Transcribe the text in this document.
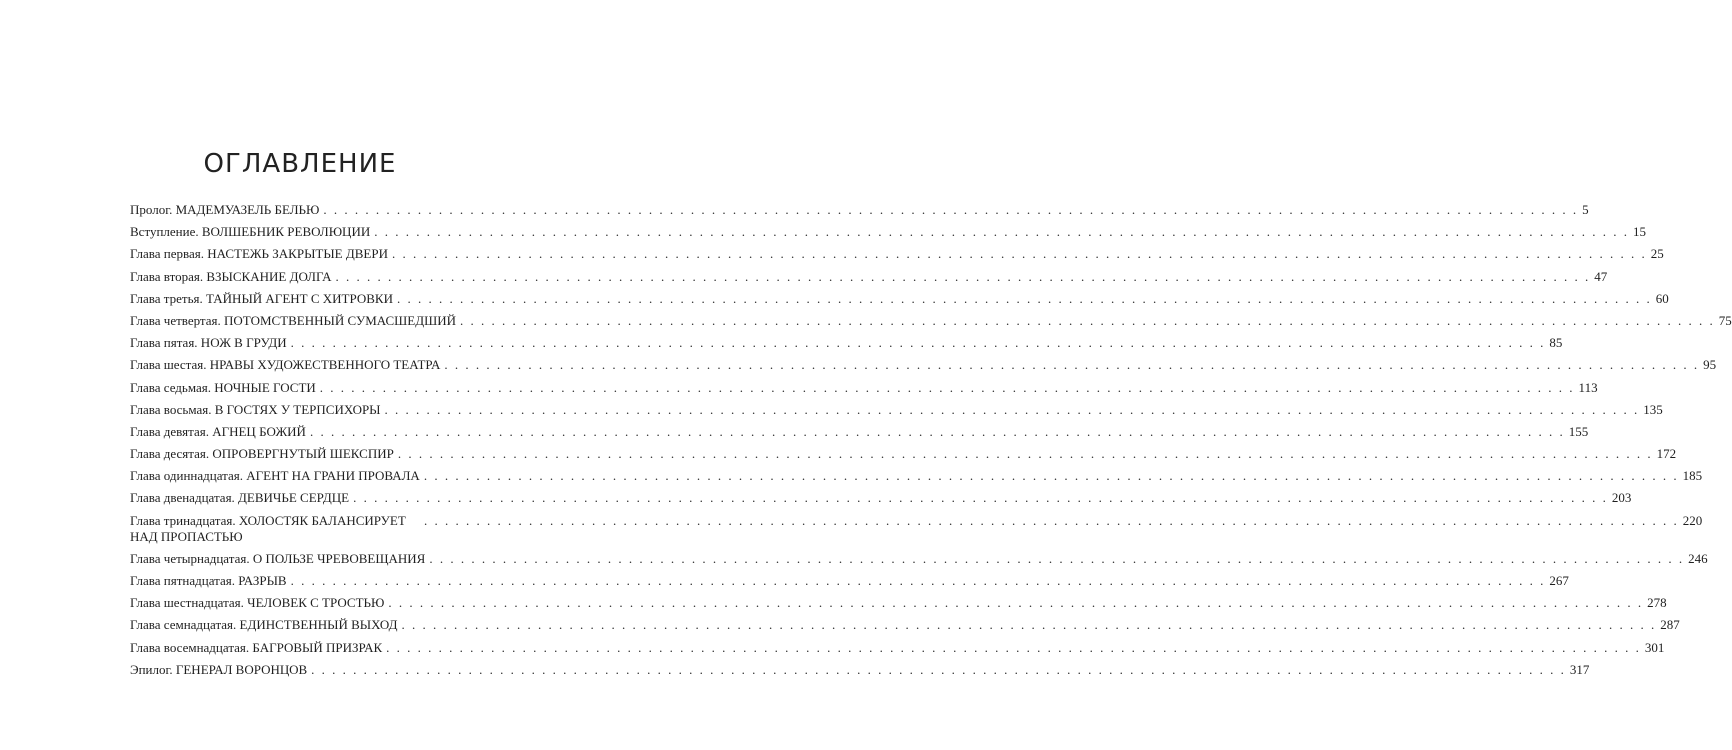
ОГЛАВЛЕНИЕ
Пролог. МАДЕМУАЗЕЛЬ БЕЛЬЮ . . . . . . . . . . . . . . . . . . . . . . . . . . . . . . . . . . . . . . . . . . . . . . . . . . . . . . . . . . . . . . . . . . . . . . . . . . . . . . . . . . . . . . . . . . . . . . . . . . . . . . . . . . . . . . . . . . . . . . . . 5
Вступление. ВОЛШЕБНИК РЕВОЛЮЦИИ . . . . . . . . . . . . . . . . . . . . . . . . . . . . . . . . . . . . . . . . . . . . . . . . . . . . . . . . . . . . . . . . . . . . . . . . . . . . . . . . . . . . . . . . . . . . . . . . . . . . . . . . . . . . . . . . . . . . . . . . 15
Глава первая. НАСТЕЖЬ ЗАКРЫТЫЕ ДВЕРИ . . . . . . . . . . . . . . . . . . . . . . . . . . . . . . . . . . . . . . . . . . . . . . . . . . . . . . . . . . . . . . . . . . . . . . . . . . . . . . . . . . . . . . . . . . . . . . . . . . . . . . . . . . . . . . . . . . . . . . . . 25
Глава вторая. ВЗЫСКАНИЕ ДОЛГА . . . . . . . . . . . . . . . . . . . . . . . . . . . . . . . . . . . . . . . . . . . . . . . . . . . . . . . . . . . . . . . . . . . . . . . . . . . . . . . . . . . . . . . . . . . . . . . . . . . . . . . . . . . . . . . . . . . . . . . . 47
Глава третья. ТАЙНЫЙ АГЕНТ С ХИТРОВКИ . . . . . . . . . . . . . . . . . . . . . . . . . . . . . . . . . . . . . . . . . . . . . . . . . . . . . . . . . . . . . . . . . . . . . . . . . . . . . . . . . . . . . . . . . . . . . . . . . . . . . . . . . . . . . . . . . . . . . . . . 60
Глава четвертая. ПОТОМСТВЕННЫЙ СУМАСШЕДШИЙ . . . . . . . . . . . . . . . . . . . . . . . . . . . . . . . . . . . . . . . . . . . . . . . . . . . . . . . . . . . . . . . . . . . . . . . . . . . . . . . . . . . . . . . . . . . . . . . . . . . . . . . . . . . . . . . . . . . . . . . . 75
Глава пятая. НОЖ В ГРУДИ . . . . . . . . . . . . . . . . . . . . . . . . . . . . . . . . . . . . . . . . . . . . . . . . . . . . . . . . . . . . . . . . . . . . . . . . . . . . . . . . . . . . . . . . . . . . . . . . . . . . . . . . . . . . . . . . . . . . . . . . 85
Глава шестая. НРАВЫ ХУДОЖЕСТВЕННОГО ТЕАТРА . . . . . . . . . . . . . . . . . . . . . . . . . . . . . . . . . . . . . . . . . . . . . . . . . . . . . . . . . . . . . . . . . . . . . . . . . . . . . . . . . . . . . . . . . . . . . . . . . . . . . . . . . . . . . . . . . . . . . . . . 95
Глава седьмая. НОЧНЫЕ ГОСТИ . . . . . . . . . . . . . . . . . . . . . . . . . . . . . . . . . . . . . . . . . . . . . . . . . . . . . . . . . . . . . . . . . . . . . . . . . . . . . . . . . . . . . . . . . . . . . . . . . . . . . . . . . . . . . . . . . . . . . . . . 113
Глава восьмая. В ГОСТЯХ У ТЕРПСИХОРЫ . . . . . . . . . . . . . . . . . . . . . . . . . . . . . . . . . . . . . . . . . . . . . . . . . . . . . . . . . . . . . . . . . . . . . . . . . . . . . . . . . . . . . . . . . . . . . . . . . . . . . . . . . . . . . . . . . . . . . . . . 135
Глава девятая. АГНЕЦ БОЖИЙ . . . . . . . . . . . . . . . . . . . . . . . . . . . . . . . . . . . . . . . . . . . . . . . . . . . . . . . . . . . . . . . . . . . . . . . . . . . . . . . . . . . . . . . . . . . . . . . . . . . . . . . . . . . . . . . . . . . . . . . . 155
Глава десятая. ОПРОВЕРГНУТЫЙ ШЕКСПИР . . . . . . . . . . . . . . . . . . . . . . . . . . . . . . . . . . . . . . . . . . . . . . . . . . . . . . . . . . . . . . . . . . . . . . . . . . . . . . . . . . . . . . . . . . . . . . . . . . . . . . . . . . . . . . . . . . . . . . . . 172
Глава одиннадцатая. АГЕНТ НА ГРАНИ ПРОВАЛА . . . . . . . . . . . . . . . . . . . . . . . . . . . . . . . . . . . . . . . . . . . . . . . . . . . . . . . . . . . . . . . . . . . . . . . . . . . . . . . . . . . . . . . . . . . . . . . . . . . . . . . . . . . . . . . . . . . . . . . . 185
Глава двенадцатая. ДЕВИЧЬЕ СЕРДЦЕ . . . . . . . . . . . . . . . . . . . . . . . . . . . . . . . . . . . . . . . . . . . . . . . . . . . . . . . . . . . . . . . . . . . . . . . . . . . . . . . . . . . . . . . . . . . . . . . . . . . . . . . . . . . . . . . . . . . . . . . . 203
Глава тринадцатая. ХОЛОСТЯК БАЛАНСИРУЕТ
НАД ПРОПАСТЬЮ
. . . . . . . . . . . . . . . . . . . . . . . . . . . . . . . . . . . . . . . . . . . . . . . . . . . . . . . . . . . . . . . . . . . . . . . . . . . . . . . . . . . . . . . . . . . . . . . . . . . . . . . . . . . . . . . . . . . . . . . . 220
Глава четырнадцатая. О ПОЛЬЗЕ ЧРЕВОВЕЩАНИЯ . . . . . . . . . . . . . . . . . . . . . . . . . . . . . . . . . . . . . . . . . . . . . . . . . . . . . . . . . . . . . . . . . . . . . . . . . . . . . . . . . . . . . . . . . . . . . . . . . . . . . . . . . . . . . . . . . . . . . . . . 246
Глава пятнадцатая. РАЗРЫВ . . . . . . . . . . . . . . . . . . . . . . . . . . . . . . . . . . . . . . . . . . . . . . . . . . . . . . . . . . . . . . . . . . . . . . . . . . . . . . . . . . . . . . . . . . . . . . . . . . . . . . . . . . . . . . . . . . . . . . . . 267
Глава шестнадцатая. ЧЕЛОВЕК С ТРОСТЬЮ . . . . . . . . . . . . . . . . . . . . . . . . . . . . . . . . . . . . . . . . . . . . . . . . . . . . . . . . . . . . . . . . . . . . . . . . . . . . . . . . . . . . . . . . . . . . . . . . . . . . . . . . . . . . . . . . . . . . . . . . 278
Глава семнадцатая. ЕДИНСТВЕННЫЙ ВЫХОД . . . . . . . . . . . . . . . . . . . . . . . . . . . . . . . . . . . . . . . . . . . . . . . . . . . . . . . . . . . . . . . . . . . . . . . . . . . . . . . . . . . . . . . . . . . . . . . . . . . . . . . . . . . . . . . . . . . . . . . . 287
Глава восемнадцатая. БАГРОВЫЙ ПРИЗРАК . . . . . . . . . . . . . . . . . . . . . . . . . . . . . . . . . . . . . . . . . . . . . . . . . . . . . . . . . . . . . . . . . . . . . . . . . . . . . . . . . . . . . . . . . . . . . . . . . . . . . . . . . . . . . . . . . . . . . . . . 301
Эпилог. ГЕНЕРАЛ ВОРОНЦОВ . . . . . . . . . . . . . . . . . . . . . . . . . . . . . . . . . . . . . . . . . . . . . . . . . . . . . . . . . . . . . . . . . . . . . . . . . . . . . . . . . . . . . . . . . . . . . . . . . . . . . . . . . . . . . . . . . . . . . . . . 317
